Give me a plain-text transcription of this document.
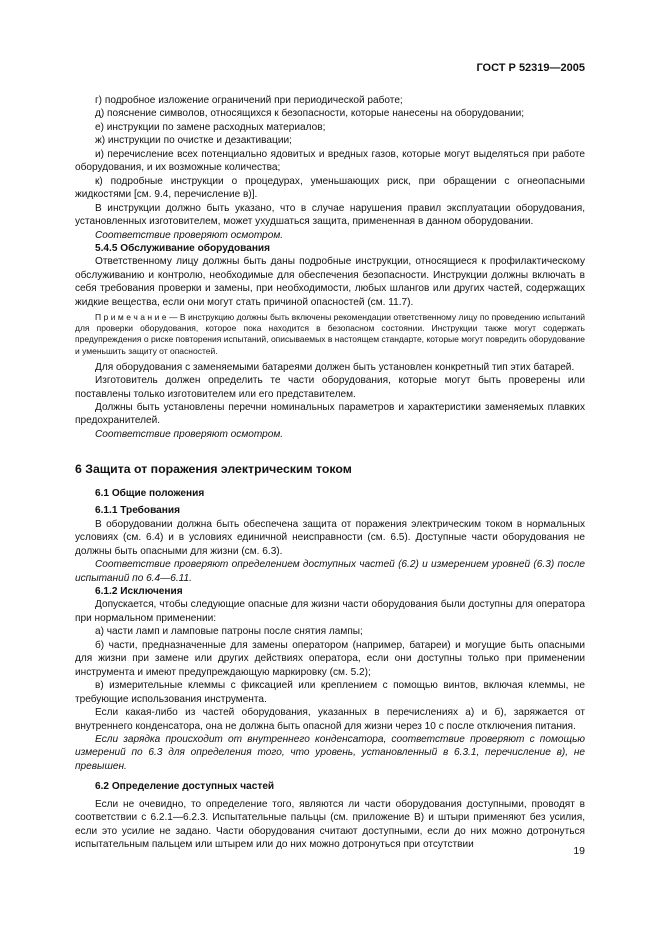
ГОСТ Р 52319—2005

г) подробное изложение ограничений при периодической работе;

д) пояснение символов, относящихся к безопасности, которые нанесены на оборудовании;

е) инструкции по замене расходных материалов;

ж) инструкции по очистке и дезактивации;

и) перечисление всех потенциально ядовитых и вредных газов, которые могут выделяться при работе оборудования, и их возможные количества;

к) подробные инструкции о процедурах, уменьшающих риск, при обращении с огнеопасными жидкостями [см. 9.4, перечисление в)].

В инструкции должно быть указано, что в случае нарушения правил эксплуатации оборудования, установленных изготовителем, может ухудшаться защита, примененная в данном оборудовании.

Соответствие проверяют осмотром.

5.4.5 Обслуживание оборудования

Ответственному лицу должны быть даны подробные инструкции, относящиеся к профилактическому обслуживанию и контролю, необходимые для обеспечения безопасности. Инструкции должны включать в себя требования проверки и замены, при необходимости, любых шлангов или других частей, содержащих жидкие вещества, если они могут стать причиной опасностей (см. 11.7).

П р и м е ч а н и е — В инструкцию должны быть включены рекомендации ответственному лицу по проведению испытаний для проверки оборудования, которое пока находится в безопасном состоянии. Инструкции также могут содержать предупреждения о риске повторения испытаний, описываемых в настоящем стандарте, которые могут повредить оборудование и уменьшить защиту от опасностей.

Для оборудования с заменяемыми батареями должен быть установлен конкретный тип этих батарей.

Изготовитель должен определить те части оборудования, которые могут быть проверены или поставлены только изготовителем или его представителем.

Должны быть установлены перечни номинальных параметров и характеристики заменяемых плавких предохранителей.

Соответствие проверяют осмотром.

6 Защита от поражения электрическим током

6.1 Общие положения

6.1.1 Требования

В оборудовании должна быть обеспечена защита от поражения электрическим током в нормальных условиях (см. 6.4) и в условиях единичной неисправности (см. 6.5). Доступные части оборудования не должны быть опасными для жизни (см. 6.3).

Соответствие проверяют определением доступных частей (6.2) и измерением уровней (6.3) после испытаний по 6.4—6.11.

6.1.2 Исключения

Допускается, чтобы следующие опасные для жизни части оборудования были доступны для оператора при нормальном применении:

а) части ламп и ламповые патроны после снятия лампы;

б) части, предназначенные для замены оператором (например, батареи) и могущие быть опасными для жизни при замене или других действиях оператора, если они доступны только при применении инструмента и имеют предупреждающую маркировку (см. 5.2);

в) измерительные клеммы с фиксацией или креплением с помощью винтов, включая клеммы, не требующие использования инструмента.

Если какая-либо из частей оборудования, указанных в перечислениях а) и б), заряжается от внутреннего конденсатора, она не должна быть опасной для жизни через 10 с после отключения питания.

Если зарядка происходит от внутреннего конденсатора, соответствие проверяют с помощью измерений по 6.3 для определения того, что уровень, установленный в 6.3.1, перечисление в), не превышен.

6.2 Определение доступных частей

Если не очевидно, то определение того, являются ли части оборудования доступными, проводят в соответствии с 6.2.1—6.2.3. Испытательные пальцы (см. приложение В) и штыри применяют без усилия, если это усилие не задано. Части оборудования считают доступными, если до них можно дотронуться испытательным пальцем или штырем или до них можно дотронуться при отсутствии

19
